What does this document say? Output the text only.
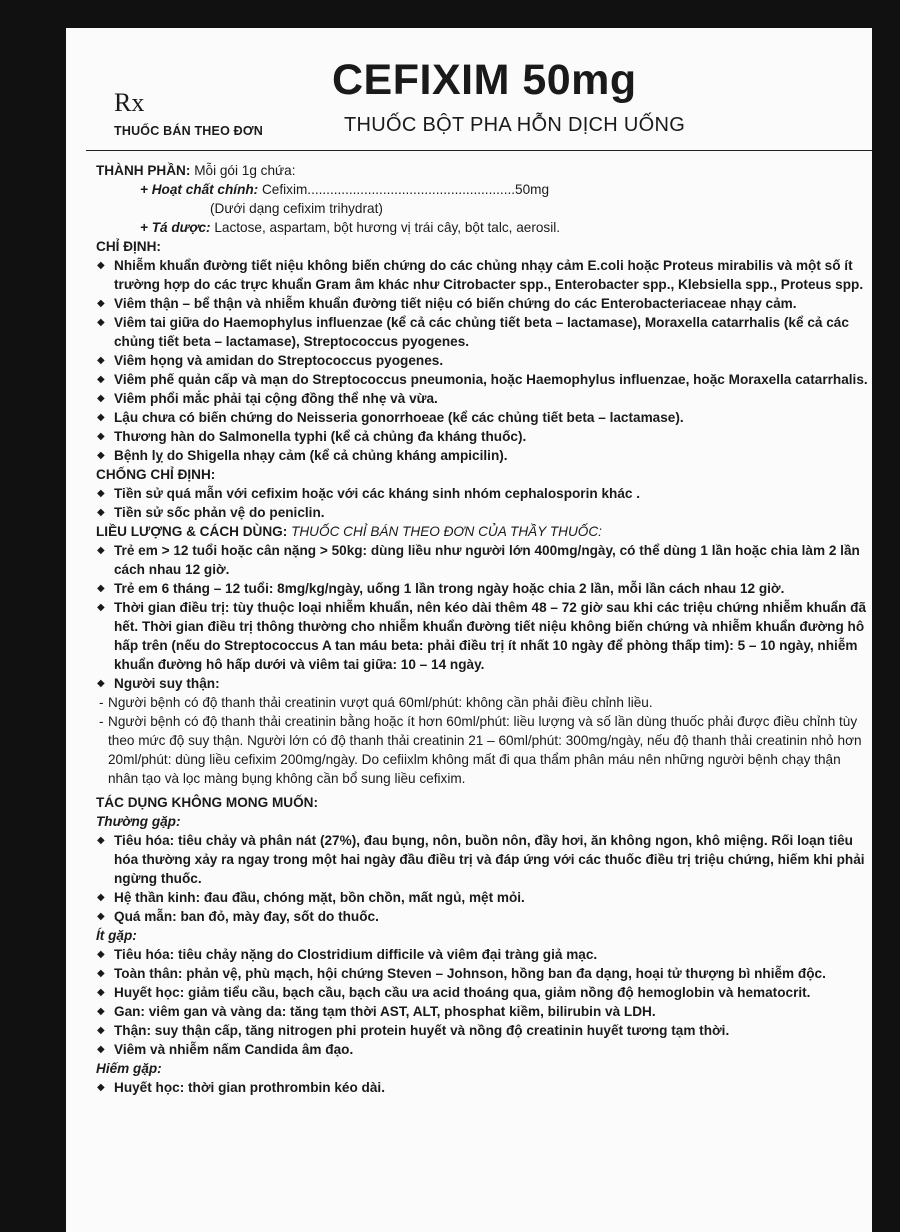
Rx
THUỐC BÁN THEO ĐƠN
CEFIXIM 50mg
THUỐC BỘT PHA HỖN DỊCH UỐNG
THÀNH PHẦN: Mỗi gói 1g chứa:
+ Hoạt chất chính: Cefixim.......................................................50mg
(Dưới dạng cefixim trihydrat)
+ Tá dược: Lactose, aspartam, bột hương vị trái cây, bột talc, aerosil.
CHỈ ĐỊNH:
◆ Nhiễm khuẩn đường tiết niệu không biến chứng do các chủng nhạy cảm E.coli hoặc Proteus mirabilis và một số ít trường hợp do các trực khuẩn Gram âm khác như Citrobacter spp., Enterobacter spp., Klebsiella spp., Proteus spp.
◆ Viêm thận – bể thận và nhiễm khuẩn đường tiết niệu có biến chứng do các Enterobacteriaceae nhạy cảm.
◆ Viêm tai giữa do Haemophylus influenzae (kể cả các chủng tiết beta – lactamase), Moraxella catarrhalis (kể cả các chủng tiết beta – lactamase), Streptococcus pyogenes.
◆ Viêm họng và amidan do Streptococcus pyogenes.
◆ Viêm phế quản cấp và mạn do Streptococcus pneumonia, hoặc Haemophylus influenzae, hoặc Moraxella catarrhalis.
◆ Viêm phổi mắc phải tại cộng đồng thể nhẹ và vừa.
◆ Lậu chưa có biến chứng do Neisseria gonorrhoeae (kể các chủng tiết beta – lactamase).
◆ Thương hàn do Salmonella typhi (kể cả chủng đa kháng thuốc).
◆ Bệnh lỵ do Shigella nhạy cảm (kể cả chủng kháng ampicilin).
CHỐNG CHỈ ĐỊNH:
◆ Tiền sử quá mẫn với cefixim hoặc với các kháng sinh nhóm cephalosporin khác .
◆ Tiền sử sốc phản vệ do peniclin.
LIỀU LƯỢNG & CÁCH DÙNG: THUỐC CHỈ BÁN THEO ĐƠN CỦA THẦY THUỐC:
◆ Trẻ em > 12 tuổi hoặc cân nặng > 50kg: dùng liều như người lớn 400mg/ngày, có thể dùng 1 lần hoặc chia làm 2 lần cách nhau 12 giờ.
◆ Trẻ em 6 tháng – 12 tuổi: 8mg/kg/ngày, uống 1 lần trong ngày hoặc chia 2 lần, mỗi lần cách nhau 12 giờ.
◆ Thời gian điều trị: tùy thuộc loại nhiễm khuẩn, nên kéo dài thêm 48 – 72 giờ sau khi các triệu chứng nhiễm khuẩn đã hết. Thời gian điều trị thông thường cho nhiễm khuẩn đường tiết niệu không biến chứng và nhiễm khuẩn đường hô hấp trên (nếu do Streptococcus A tan máu beta: phải điều trị ít nhất 10 ngày để phòng thấp tim): 5 – 10 ngày, nhiễm khuẩn đường hô hấp dưới và viêm tai giữa: 10 – 14 ngày.
◆ Người suy thận:
- Người bệnh có độ thanh thải creatinin vượt quá 60ml/phút: không cần phải điều chỉnh liều.
- Người bệnh có độ thanh thải creatinin bằng hoặc ít hơn 60ml/phút: liều lượng và số lần dùng thuốc phải được điều chỉnh tùy theo mức độ suy thận. Người lớn có độ thanh thải creatinin 21 – 60ml/phút: 300mg/ngày, nếu độ thanh thải creatinin nhỏ hơn 20ml/phút: dùng liều cefixim 200mg/ngày. Do cefiixlm không mất đi qua thẩm phân máu nên những người bệnh chạy thận nhân tạo và lọc màng bụng không cần bổ sung liều cefixim.
TÁC DỤNG KHÔNG MONG MUỐN:
Thường gặp:
◆ Tiêu hóa: tiêu chảy và phân nát (27%), đau bụng, nôn, buồn nôn, đầy hơi, ăn không ngon, khô miệng. Rối loạn tiêu hóa thường xảy ra ngay trong một hai ngày đầu điều trị và đáp ứng với các thuốc điều trị triệu chứng, hiếm khi phải ngừng thuốc.
◆ Hệ thần kinh: đau đầu, chóng mặt, bồn chồn, mất ngủ, mệt mỏi.
◆ Quá mẫn: ban đỏ, mày đay, sốt do thuốc.
Ít gặp:
◆ Tiêu hóa: tiêu chảy nặng do Clostridium difficile và viêm đại tràng giả mạc.
◆ Toàn thân: phản vệ, phù mạch, hội chứng Steven – Johnson, hồng ban đa dạng, hoại tử thượng bì nhiễm độc.
◆ Huyết học: giảm tiểu cầu, bạch cầu, bạch cầu ưa acid thoáng qua, giảm nồng độ hemoglobin và hematocrit.
◆ Gan: viêm gan và vàng da: tăng tạm thời AST, ALT, phosphat kiềm, bilirubin và LDH.
◆ Thận: suy thận cấp, tăng nitrogen phi protein huyết và nồng độ creatinin huyết tương tạm thời.
◆ Viêm và nhiễm nấm Candida âm đạo.
Hiếm gặp:
◆ Huyết học: thời gian prothrombin kéo dài.
